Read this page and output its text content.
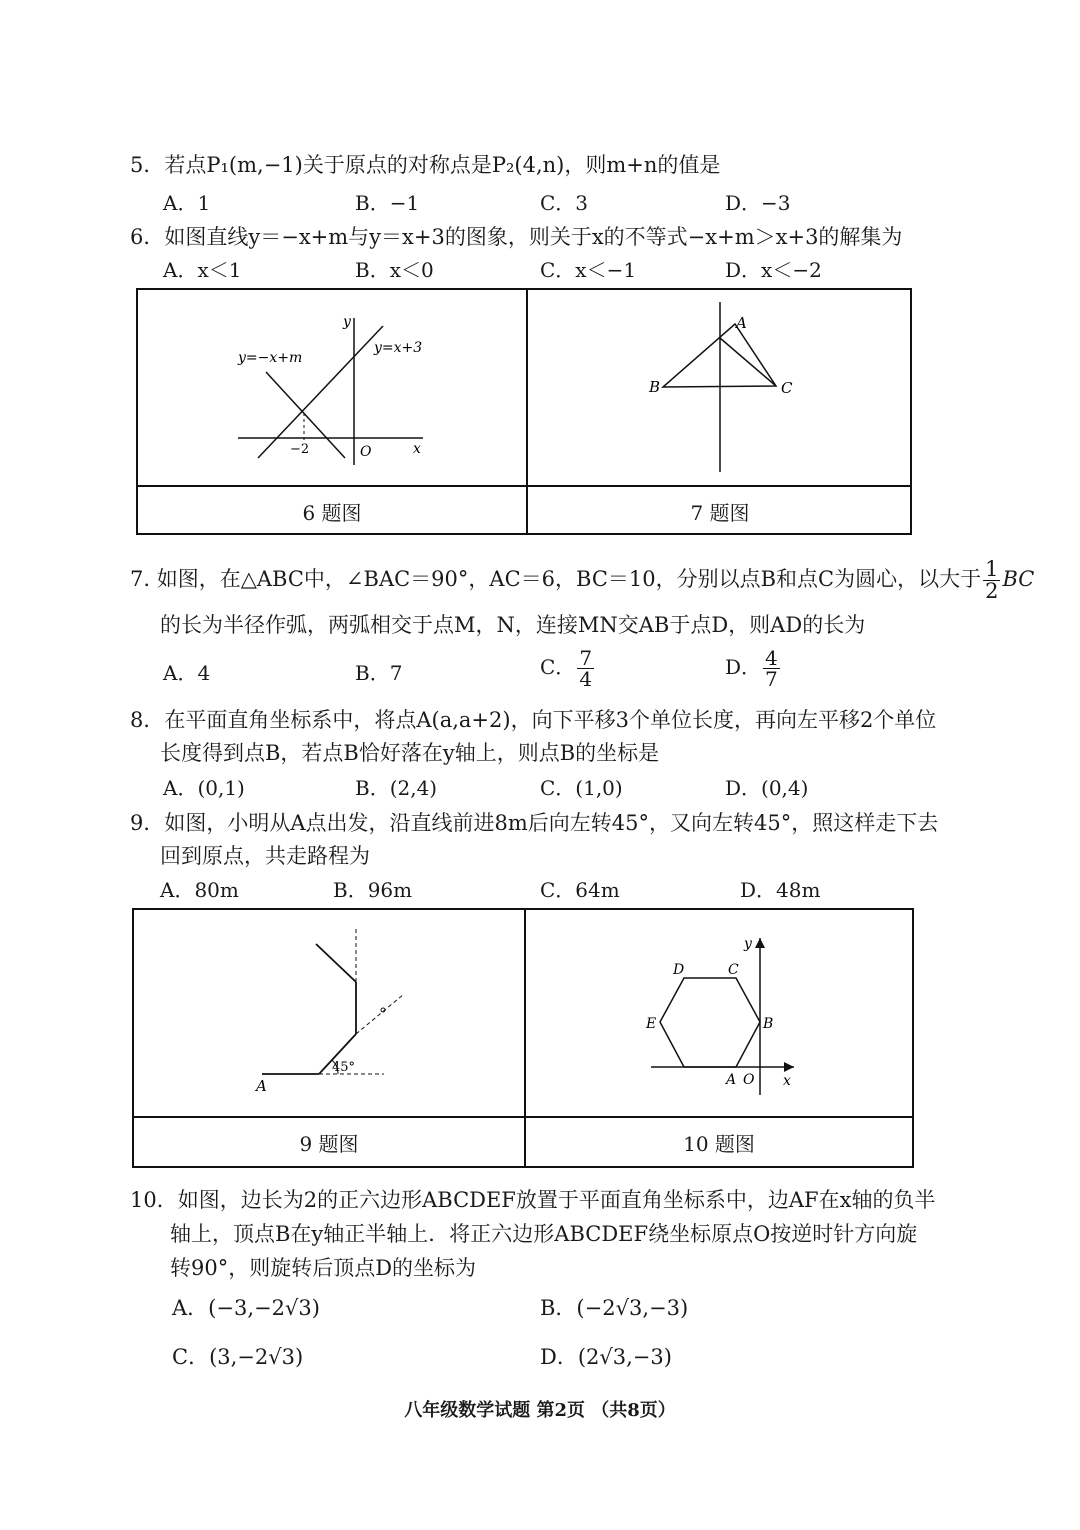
5．若点P₁(m,−1)关于原点的对称点是P₂(4,n)，则m+n的值是
A．1	B．−1	C．3	D．−3
6．如图直线y＝−x+m与y＝x+3的图象，则关于x的不等式−x+m＞x+3的解集为
A．x＜1	B．x＜0	C．x＜−1	D．x＜−2
y
x
y=−x+m
y=x+3
−2	O
6 题图
A
B	C
7 题图
7. 如图，在△ABC中，∠BAC＝90°，AC＝6，BC＝10，分别以点B和点C为圆心，以大于 $\frac{1}{2}$ BC
的长为半径作弧，两弧相交于点M，N，连接MN交AB于点D，则AD的长为
A．4	B．7	C． $\frac{7}{4}$	D． $\frac{4}{7}$
8．在平面直角坐标系中，将点A(a,a+2)，向下平移3个单位长度，再向左平移2个单位
长度得到点B，若点B恰好落在y轴上，则点B的坐标是
A．(0,1)	B．(2,4)	C．(1,0)	D．(0,4)
9．如图，小明从A点出发，沿直线前进8m后向左转45°，又向左转45°，照这样走下去
回到原点，共走路程为
A．80m	B．96m	C．64m	D．48m
A
45°
9 题图
y
x
A O
B
C
D
E
10 题图
10．如图，边长为2的正六边形ABCDEF放置于平面直角坐标系中，边AF在x轴的负半
轴上，顶点B在y轴正半轴上．将正六边形ABCDEF绕坐标原点O按逆时针方向旋
转90°，则旋转后顶点D的坐标为
A．(−3,−2√3)	B．(−2√3,−3)
C．(3,−2√3)	D．(2√3,−3)
八年级数学试题 第2页 （共8页）
